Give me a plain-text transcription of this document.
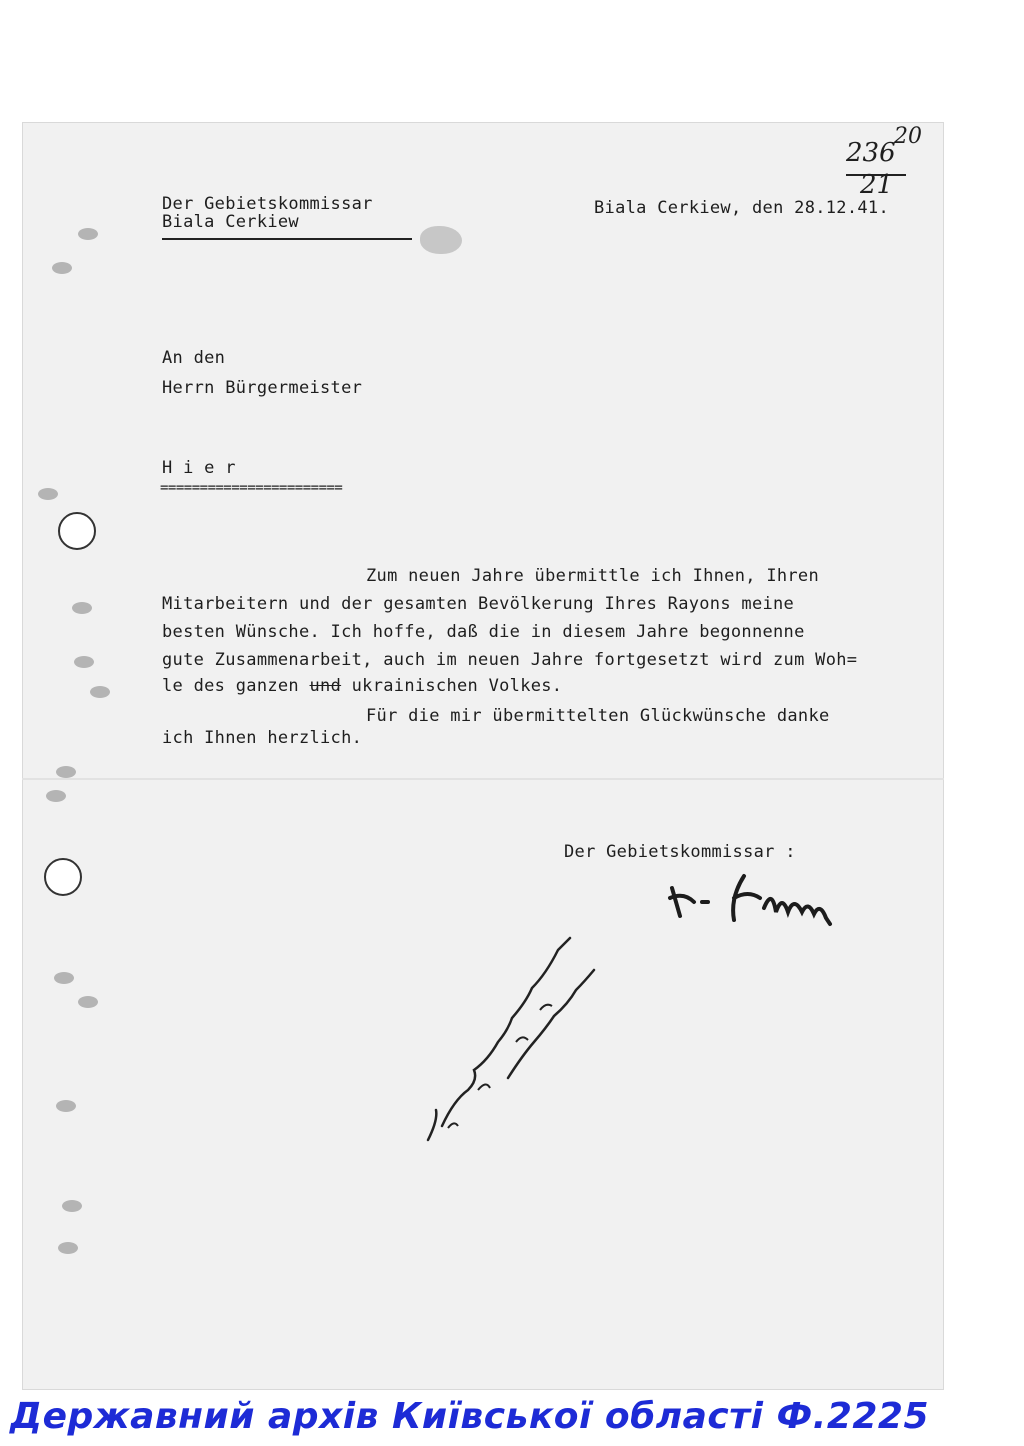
236
20
21
Der Gebietskommissar
Biala Cerkiew
Biala Cerkiew, den 28.12.41.
An den
Herrn Bürgermeister
H i e r
=======================
Zum neuen Jahre übermittle ich Ihnen, Ihren
Mitarbeitern und der gesamten Bevölkerung Ihres Rayons meine
besten Wünsche. Ich hoffe, daß die in diesem Jahre begonnenne
gute Zusammenarbeit, auch im neuen Jahre fortgesetzt wird zum Woh=
le des ganzen und ukrainischen Volkes.
Für die mir übermittelten Glückwünsche danke
ich Ihnen herzlich.
Der Gebietskommissar :
Державний архів Київської області Ф.2225
